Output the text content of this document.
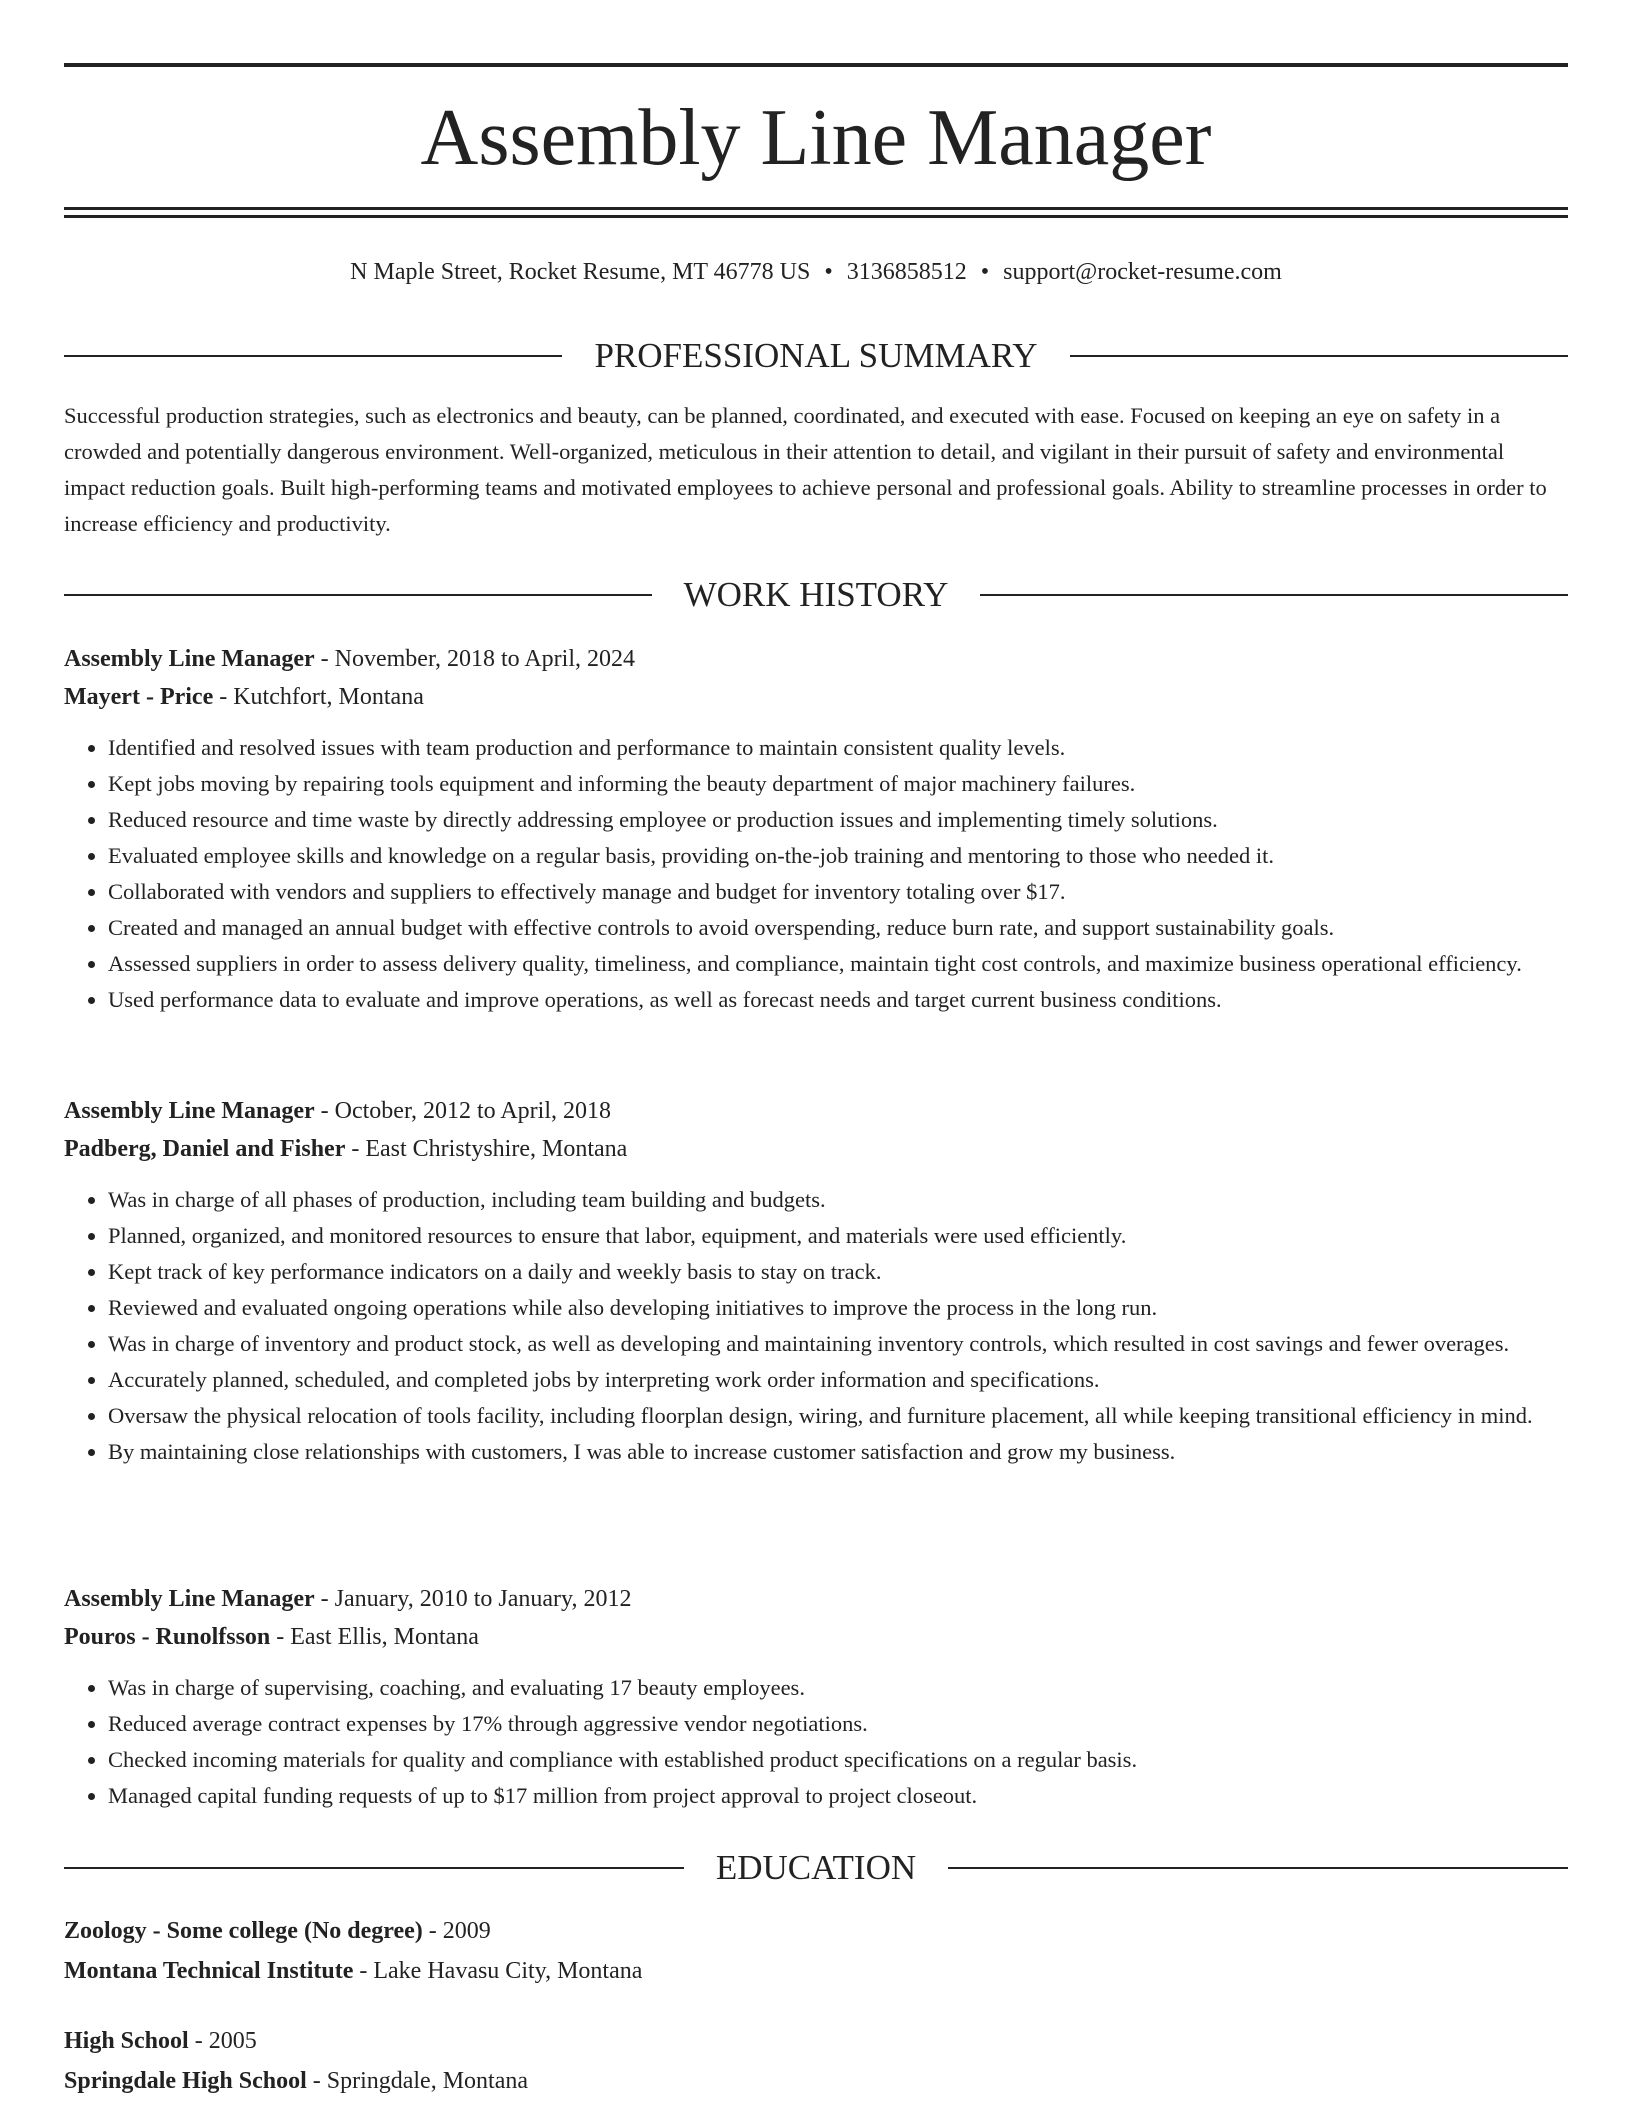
Assembly Line Manager
N Maple Street, Rocket Resume, MT 46778 US • 3136858512 • support@rocket-resume.com
PROFESSIONAL SUMMARY

Successful production strategies, such as electronics and beauty, can be planned, coordinated, and executed with ease. Focused on keeping an eye on safety in a crowded and potentially dangerous environment. Well-organized, meticulous in their attention to detail, and vigilant in their pursuit of safety and environmental impact reduction goals. Built high-performing teams and motivated employees to achieve personal and professional goals. Ability to streamline processes in order to increase efficiency and productivity.

WORK HISTORY
Assembly Line Manager - November, 2018 to April, 2024
Mayert - Price - Kutchfort, Montana
• Identified and resolved issues with team production and performance to maintain consistent quality levels.
• Kept jobs moving by repairing tools equipment and informing the beauty department of major machinery failures.
• Reduced resource and time waste by directly addressing employee or production issues and implementing timely solutions.
• Evaluated employee skills and knowledge on a regular basis, providing on-the-job training and mentoring to those who needed it.
• Collaborated with vendors and suppliers to effectively manage and budget for inventory totaling over $17.
• Created and managed an annual budget with effective controls to avoid overspending, reduce burn rate, and support sustainability goals.
• Assessed suppliers in order to assess delivery quality, timeliness, and compliance, maintain tight cost controls, and maximize business operational efficiency.
• Used performance data to evaluate and improve operations, as well as forecast needs and target current business conditions.
Assembly Line Manager - October, 2012 to April, 2018
Padberg, Daniel and Fisher - East Christyshire, Montana
• Was in charge of all phases of production, including team building and budgets.
• Planned, organized, and monitored resources to ensure that labor, equipment, and materials were used efficiently.
• Kept track of key performance indicators on a daily and weekly basis to stay on track.
• Reviewed and evaluated ongoing operations while also developing initiatives to improve the process in the long run.
• Was in charge of inventory and product stock, as well as developing and maintaining inventory controls, which resulted in cost savings and fewer overages.
• Accurately planned, scheduled, and completed jobs by interpreting work order information and specifications.
• Oversaw the physical relocation of tools facility, including floorplan design, wiring, and furniture placement, all while keeping transitional efficiency in mind.
• By maintaining close relationships with customers, I was able to increase customer satisfaction and grow my business.
Assembly Line Manager - January, 2010 to January, 2012
Pouros - Runolfsson - East Ellis, Montana
• Was in charge of supervising, coaching, and evaluating 17 beauty employees.
• Reduced average contract expenses by 17% through aggressive vendor negotiations.
• Checked incoming materials for quality and compliance with established product specifications on a regular basis.
• Managed capital funding requests of up to $17 million from project approval to project closeout.
EDUCATION
Zoology - Some college (No degree) - 2009
Montana Technical Institute - Lake Havasu City, Montana
High School - 2005
Springdale High School - Springdale, Montana
